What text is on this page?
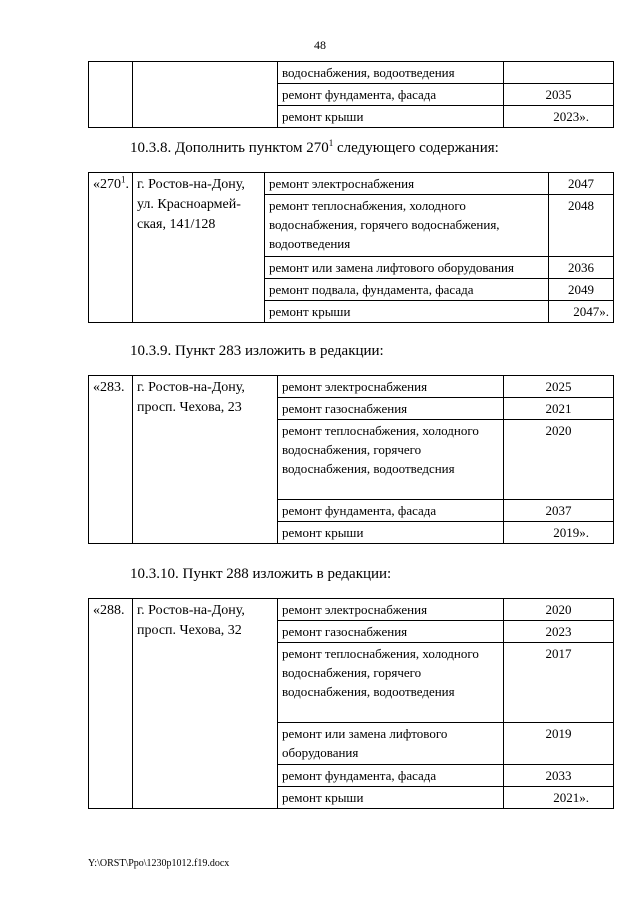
48
		водоснабжения, водоотведения	
		ремонт фундамента, фасада	2035
		ремонт крыши	2023».
10.3.8. Дополнить пунктом $270^1$ следующего содержания:
«$270^1$.	г. Ростов-на-Дону, ул. Красноармей-ская, 141/128	ремонт электроснабжения	2047
		ремонт теплоснабжения, холодного водоснабжения, горячего водоснабжения, водоотведения	2048
		ремонт или замена лифтового оборудования	2036
		ремонт подвала, фундамента, фасада	2049
		ремонт крыши	2047».
10.3.9. Пункт 283 изложить в редакции:
«283.	г. Ростов-на-Дону, просп. Чехова, 23	ремонт электроснабжения	2025
		ремонт газоснабжения	2021
		ремонт теплоснабжения, холодного водоснабжения, горячего водоснабжения, водоотведсния	2020
		ремонт фундамента, фасада	2037
		ремонт крыши	2019».
10.3.10. Пункт 288 изложить в редакции:
«288.	г. Ростов-на-Дону, просп. Чехова, 32	ремонт электроснабжения	2020
		ремонт газоснабжения	2023
		ремонт теплоснабжения, холодного водоснабжения, горячего водоснабжения, водоотведения	2017
		ремонт или замена лифтового оборудования	2019
		ремонт фундамента, фасада	2033
		ремонт крыши	2021».
Y:\ORST\Ppo\1230p1012.f19.docx
